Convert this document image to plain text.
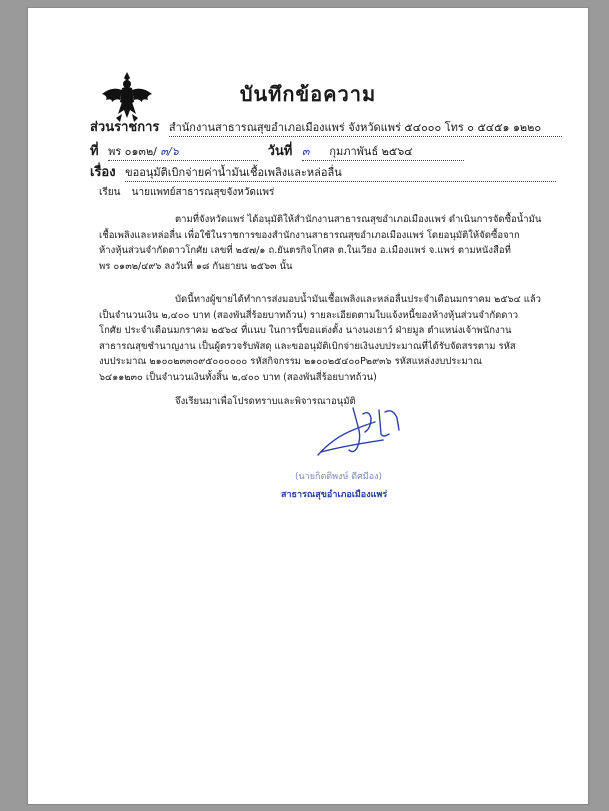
บันทึกข้อความ
ส่วนราชการ สำนักงานสาธารณสุขอำเภอเมืองแพร่ จังหวัดแพร่ ๕๔๐๐๐ โทร ๐ ๕๔๕๑ ๑๒๒๐
ที่ พร ๐๑๓๒/ ๓/๖	วันที่ ๓ กุมภาพันธ์ ๒๕๖๔
เรื่อง ขออนุมัติเบิกจ่ายค่าน้ำมันเชื้อเพลิงและหล่อลื่น
เรียน นายแพทย์สาธารณสุขจังหวัดแพร่

ตามที่จังหวัดแพร่ ได้อนุมัติให้สำนักงานสาธารณสุขอำเภอเมืองแพร่ ดำเนินการจัดซื้อน้ำมัน

เชื้อเพลิงและหล่อลื่น เพื่อใช้ในราชการของสำนักงานสาธารณสุขอำเภอเมืองแพร่ โดยอนุมัติให้จัดซื้อจาก

ห้างหุ้นส่วนจำกัดดาวโกศัย เลขที่ ๒๕๗/๑ ถ.ยันตรกิจโกศล ต.ในเวียง อ.เมืองแพร่ จ.แพร่ ตามหนังสือที่

พร ๐๑๓๒/๔๙๖ ลงวันที่ ๑๘ กันยายน ๒๕๖๓ นั้น

บัดนี้ทางผู้ขายได้ทำการส่งมอบน้ำมันเชื้อเพลิงและหล่อลื่นประจำเดือนมกราคม ๒๕๖๔ แล้ว

เป็นจำนวนเงิน ๒,๔๐๐ บาท (สองพันสี่ร้อยบาทถ้วน) รายละเอียดตามใบแจ้งหนี้ของห้างหุ้นส่วนจำกัดดาว

โกศัย ประจำเดือนมกราคม ๒๕๖๔ ที่แนบ ในการนี้ขอแต่งตั้ง นางนงเยาว์ ฝ่ายมูล ตำแหน่งเจ้าพนักงาน

สาธารณสุขชำนาญงาน เป็นผู้ตรวจรับพัสดุ และขออนุมัติเบิกจ่ายเงินงบประมาณที่ได้รับจัดสรรตาม รหัส

งบประมาณ ๒๑๐๐๒๓๓๐๙๕๐๐๐๐๐๐ รหัสกิจกรรม ๒๑๐๐๒๕๔๐๐P๒๙๓๖ รหัสแหล่งงบประมาณ

๖๔๑๑๒๓๐ เป็นจำนวนเงินทั้งสิ้น ๒,๔๐๐ บาท (สองพันสี่ร้อยบาทถ้วน)

จึงเรียนมาเพื่อโปรดทราบและพิจารณาอนุมัติ
(นายกิตติพงษ์ ดีศมีอง)
สาธารณสุขอำเภอเมืองแพร่
